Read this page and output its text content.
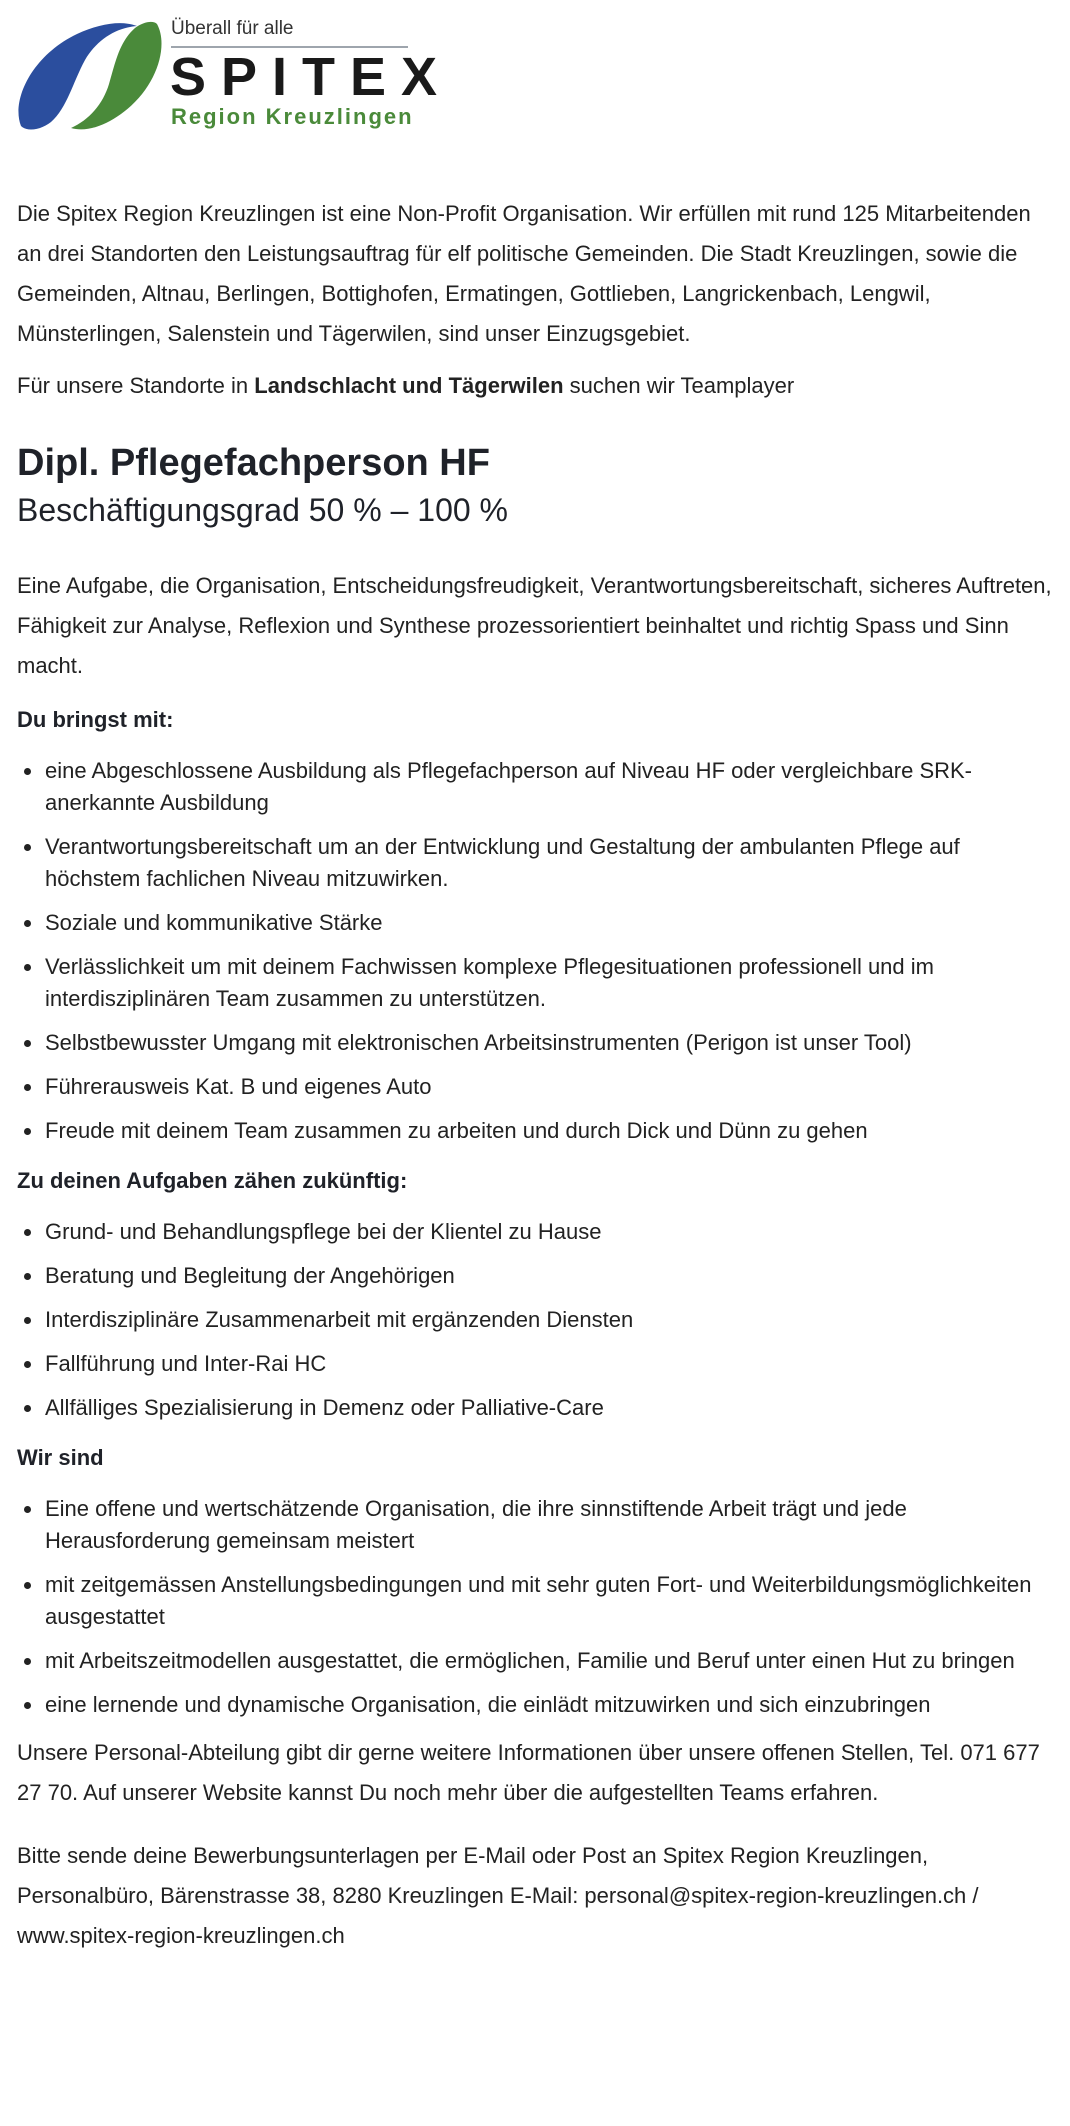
Überall für alle
SPITEX
Region Kreuzlingen

Die Spitex Region Kreuzlingen ist eine Non-Profit Organisation. Wir erfüllen mit rund 125 Mitarbeitenden an drei Standorten den Leistungsauftrag für elf politische Gemeinden. Die Stadt Kreuzlingen, sowie die Gemeinden, Altnau, Berlingen, Bottighofen, Ermatingen, Gottlieben, Langrickenbach, Lengwil, Münsterlingen, Salenstein und Tägerwilen, sind unser Einzugsgebiet.

Für unsere Standorte in Landschlacht und Tägerwilen suchen wir Teamplayer

Dipl. Pflegefachperson HF
Beschäftigungsgrad 50 % – 100 %

Eine Aufgabe, die Organisation, Entscheidungsfreudigkeit, Verantwortungsbereitschaft, sicheres Auftreten, Fähigkeit zur Analyse, Reflexion und Synthese prozessorientiert beinhaltet und richtig Spass und Sinn macht.

Du bringst mit:
• eine Abgeschlossene Ausbildung als Pflegefachperson auf Niveau HF oder vergleichbare SRK-anerkannte Ausbildung
• Verantwortungsbereitschaft um an der Entwicklung und Gestaltung der ambulanten Pflege auf höchstem fachlichen Niveau mitzuwirken.
• Soziale und kommunikative Stärke
• Verlässlichkeit um mit deinem Fachwissen komplexe Pflegesituationen professionell und im interdisziplinären Team zusammen zu unterstützen.
• Selbstbewusster Umgang mit elektronischen Arbeitsinstrumenten (Perigon ist unser Tool)
• Führerausweis Kat. B und eigenes Auto
• Freude mit deinem Team zusammen zu arbeiten und durch Dick und Dünn zu gehen
Zu deinen Aufgaben zähen zukünftig:
• Grund- und Behandlungspflege bei der Klientel zu Hause
• Beratung und Begleitung der Angehörigen
• Interdisziplinäre Zusammenarbeit mit ergänzenden Diensten
• Fallführung und Inter-Rai HC
• Allfälliges Spezialisierung in Demenz oder Palliative-Care
Wir sind
• Eine offene und wertschätzende Organisation, die ihre sinnstiftende Arbeit trägt und jede Herausforderung gemeinsam meistert
• mit zeitgemässen Anstellungsbedingungen und mit sehr guten Fort- und Weiterbildungsmöglichkeiten ausgestattet
• mit Arbeitszeitmodellen ausgestattet, die ermöglichen, Familie und Beruf unter einen Hut zu bringen
• eine lernende und dynamische Organisation, die einlädt mitzuwirken und sich einzubringen

Unsere Personal-Abteilung gibt dir gerne weitere Informationen über unsere offenen Stellen, Tel. 071 677 27 70. Auf unserer Website kannst Du noch mehr über die aufgestellten Teams erfahren.

Bitte sende deine Bewerbungsunterlagen per E-Mail oder Post an Spitex Region Kreuzlingen, Personalbüro, Bärenstrasse 38, 8280 Kreuzlingen E-Mail: personal@spitex-region-kreuzlingen.ch / www.spitex-region-kreuzlingen.ch
